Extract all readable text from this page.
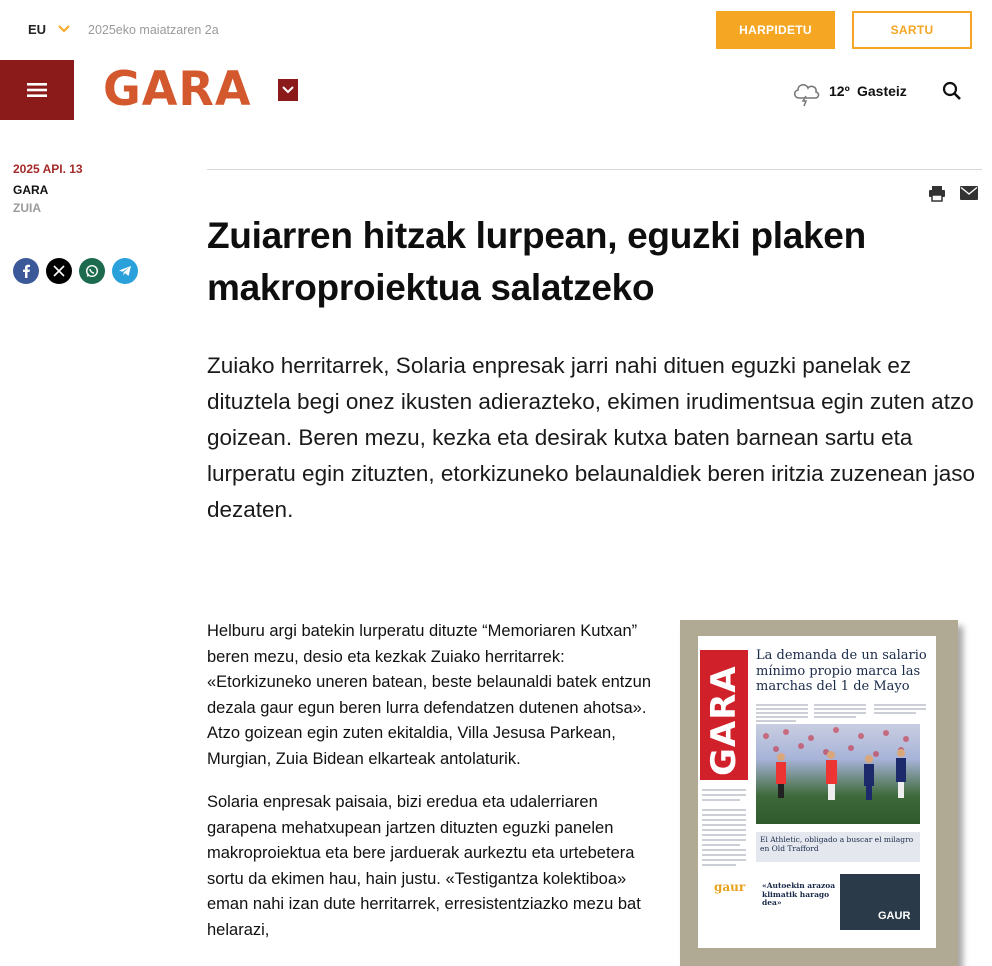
EU	2025eko maiatzaren 2a	HARPIDETU	SARTU
GARA	12º Gasteiz
2025 API. 13
GARA
ZUIA
Zuiarren hitzak lurpean, eguzki plaken makroproiektua salatzeko

Zuiako herritarrek, Solaria enpresak jarri nahi dituen eguzki panelak ez dituztela begi onez ikusten adierazteko, ekimen irudimentsua egin zuten atzo goizean. Beren mezu, kezka eta desirak kutxa baten barnean sartu eta lurperatu egin zituzten, etorkizuneko belaunaldiek beren iritzia zuzenean jaso dezaten.

Helburu argi batekin lurperatu dituzte “Memoriaren Kutxan” beren mezu, desio eta kezkak Zuiako herritarrek: «Etorkizuneko uneren batean, beste belaunaldi batek entzun dezala gaur egun beren lurra defendatzen dutenen ahotsa». Atzo goizean egin zuten ekitaldia, Villa Jesusa Parkean, Murgian, Zuia Bidean elkarteak antolaturik.

Solaria enpresak paisaia, bizi eredua eta udalerriaren garapena mehatxupean jartzen dituzten eguzki panelen makroproiektua eta bere jarduerak aurkeztu eta urtebetera sortu da ekimen hau, hain justu. «Testigantza kolektiboa» eman nahi izan dute herritarrek, erresistentziazko mezu bat helarazi,

GARA
La demanda de un salario mínimo propio marca las marchas del 1 de Mayo
El Athletic, obligado a buscar el milagro en Old Trafford
gaur «Autoekin arazoa klimatik harago dea»
GAUR
